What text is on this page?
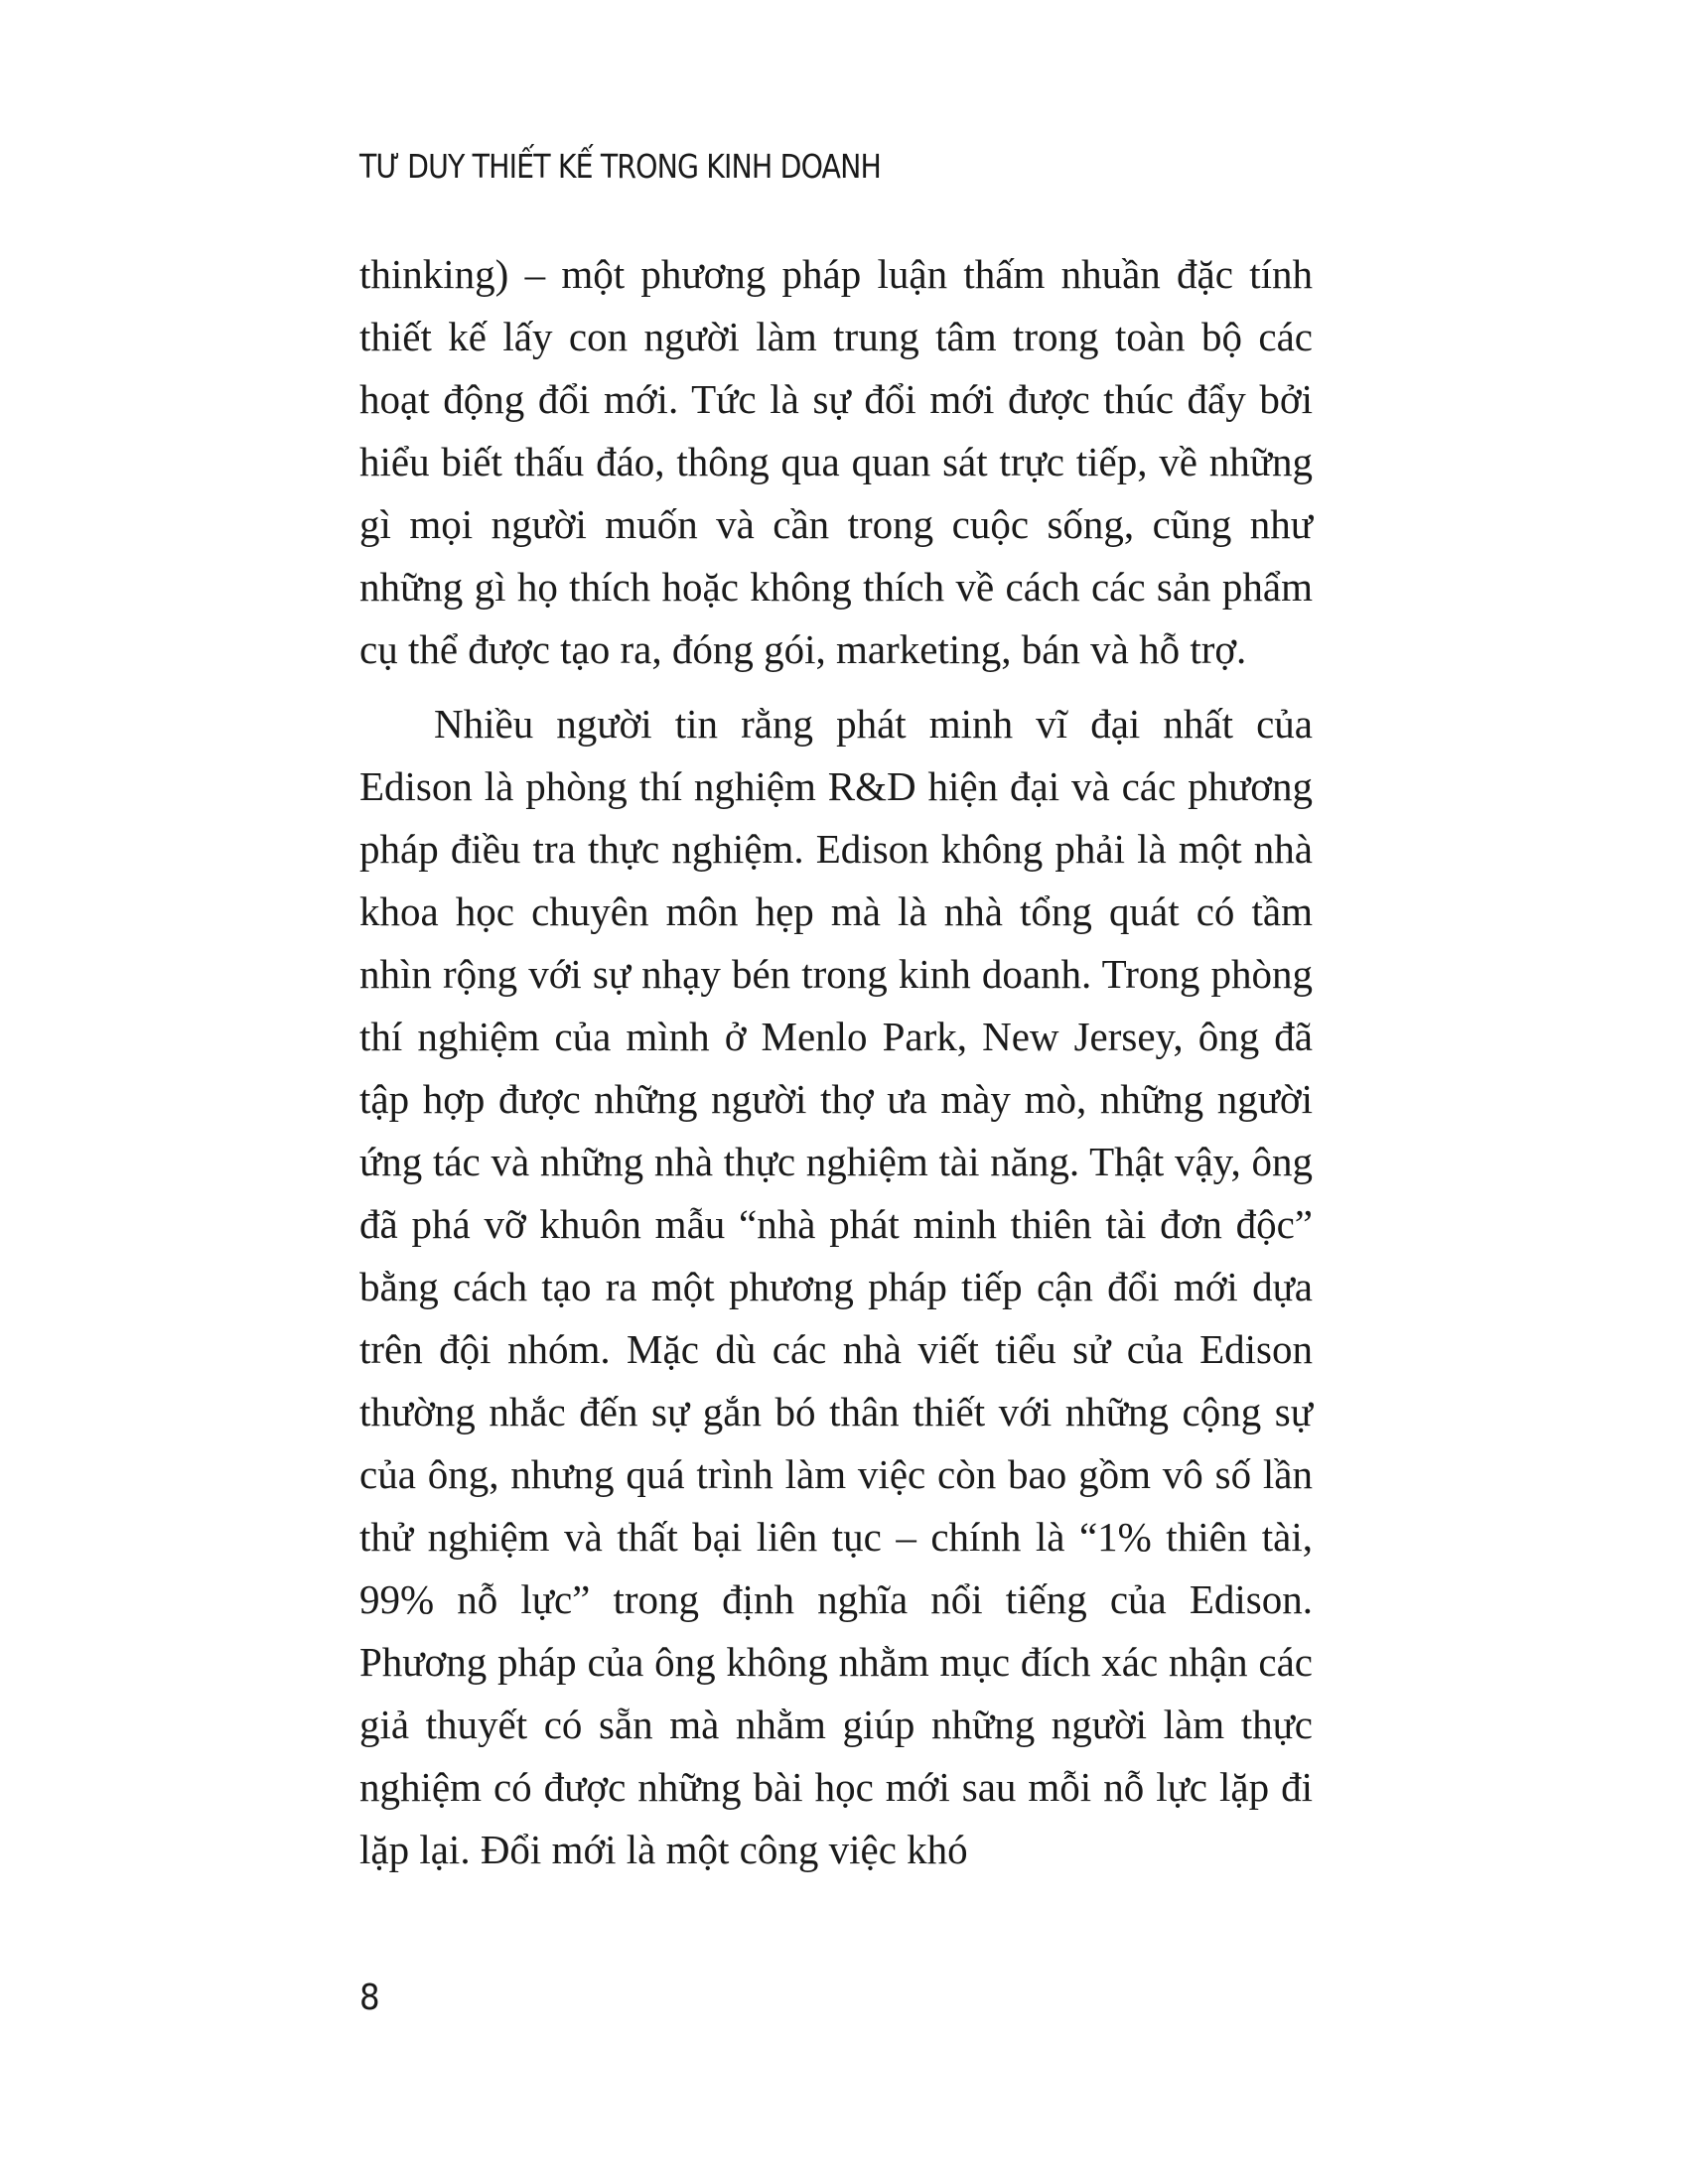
TƯ DUY THIẾT KẾ TRONG KINH DOANH

thinking) – một phương pháp luận thấm nhuần đặc tính thiết kế lấy con người làm trung tâm trong toàn bộ các hoạt động đổi mới. Tức là sự đổi mới được thúc đẩy bởi hiểu biết thấu đáo, thông qua quan sát trực tiếp, về những gì mọi người muốn và cần trong cuộc sống, cũng như những gì họ thích hoặc không thích về cách các sản phẩm cụ thể được tạo ra, đóng gói, marketing, bán và hỗ trợ.

Nhiều người tin rằng phát minh vĩ đại nhất của Edison là phòng thí nghiệm R&D hiện đại và các phương pháp điều tra thực nghiệm. Edison không phải là một nhà khoa học chuyên môn hẹp mà là nhà tổng quát có tầm nhìn rộng với sự nhạy bén trong kinh doanh. Trong phòng thí nghiệm của mình ở Menlo Park, New Jersey, ông đã tập hợp được những người thợ ưa mày mò, những người ứng tác và những nhà thực nghiệm tài năng. Thật vậy, ông đã phá vỡ khuôn mẫu “nhà phát minh thiên tài đơn độc” bằng cách tạo ra một phương pháp tiếp cận đổi mới dựa trên đội nhóm. Mặc dù các nhà viết tiểu sử của Edison thường nhắc đến sự gắn bó thân thiết với những cộng sự của ông, nhưng quá trình làm việc còn bao gồm vô số lần thử nghiệm và thất bại liên tục – chính là “1% thiên tài, 99% nỗ lực” trong định nghĩa nổi tiếng của Edison. Phương pháp của ông không nhằm mục đích xác nhận các giả thuyết có sẵn mà nhằm giúp những người làm thực nghiệm có được những bài học mới sau mỗi nỗ lực lặp đi lặp lại. Đổi mới là một công việc khó

8
